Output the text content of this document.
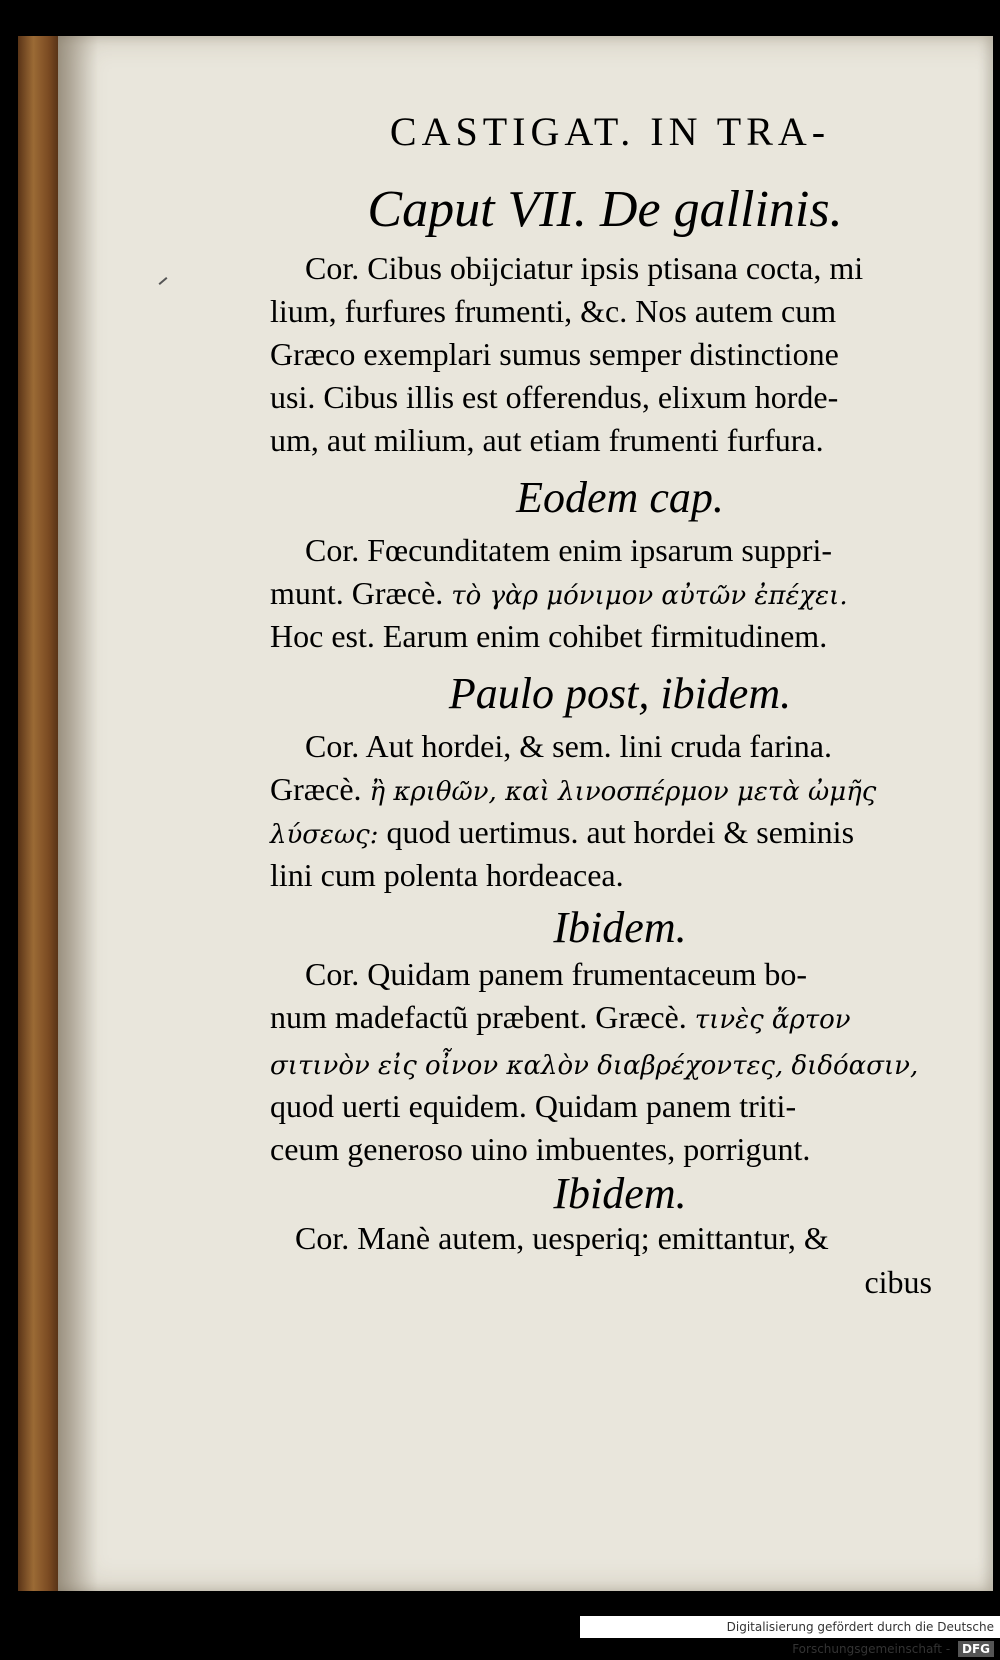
CASTIGAT. IN TRA-
Caput VII. De gallinis.
Cor. Cibus obijciatur ipsis ptisana cocta, mi
lium, furfures frumenti, &c. Nos autem cum
Græco exemplari sumus semper distinctione
usi. Cibus illis est offerendus, elixum horde-
um, aut milium, aut etiam frumenti furfura.
Eodem cap.
Cor. Fœcunditatem enim ipsarum suppri-
munt. Græcè. τὸ γὰρ μόνιμον αὐτῶν ἐπέχει.
Hoc est. Earum enim cohibet firmitudinem.
Paulo post, ibidem.
Cor. Aut hordei, & sem. lini cruda farina.
Græcè. ἢ κριθῶν, καὶ λινοσπέρμον μετὰ ὠμῆς
λύσεως: quod uertimus. aut hordei & seminis
lini cum polenta hordeacea.
Ibidem.
Cor. Quidam panem frumentaceum bo-
num madefactũ præbent. Græcè. τινὲς ἄρτον
σιτινὸν εἰς οἶνον καλὸν διαβρέχοντες, διδόασιν,
quod uerti equidem. Quidam panem triti-
ceum generoso uino imbuentes, porrigunt.
Ibidem.
Cor. Manè autem, uesperiq; emittantur, &
cibus
Digitalisierung gefördert durch die Deutsche Forschungsgemeinschaft - DFG
